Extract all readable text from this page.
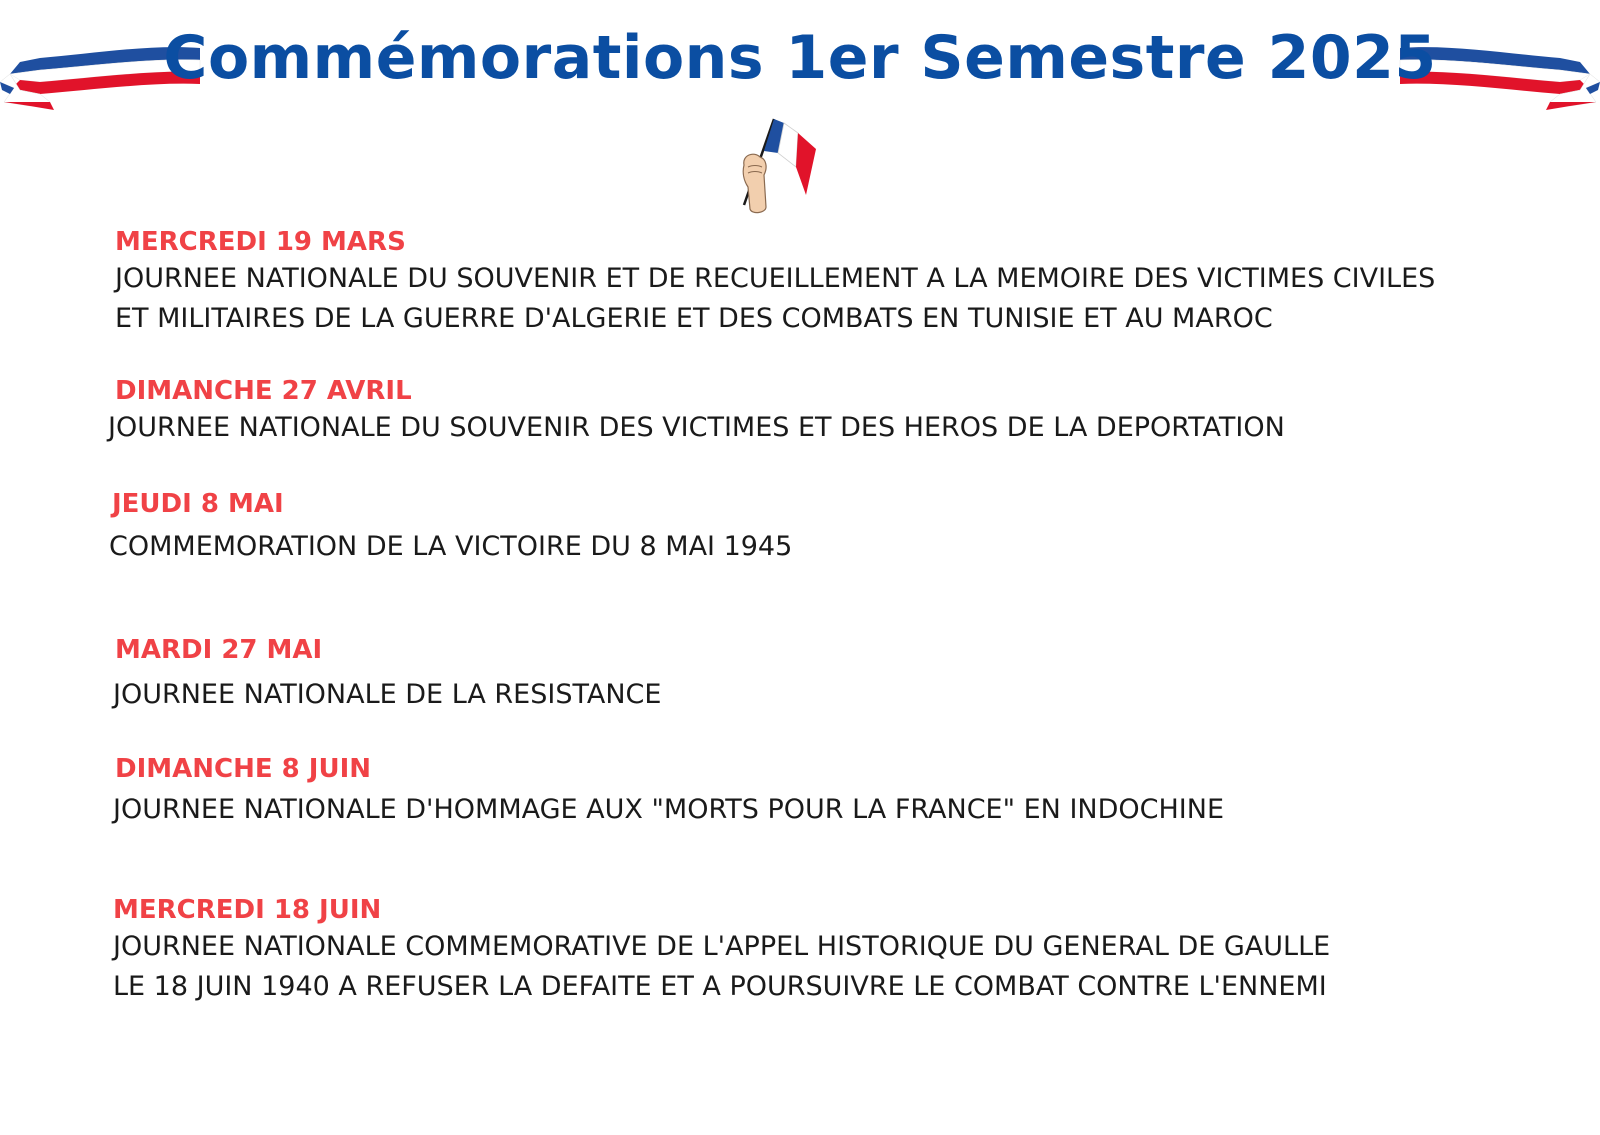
Commémorations 1er Semestre 2025

MERCREDI 19 MARS

JOURNEE NATIONALE DU SOUVENIR ET DE RECUEILLEMENT A LA MEMOIRE DES VICTIMES CIVILES
ET MILITAIRES DE LA GUERRE D'ALGERIE ET DES COMBATS EN TUNISIE ET AU MAROC

DIMANCHE 27 AVRIL

JOURNEE NATIONALE DU SOUVENIR DES VICTIMES ET DES HEROS DE LA DEPORTATION

JEUDI 8 MAI

COMMEMORATION DE LA VICTOIRE DU 8 MAI 1945

MARDI 27 MAI

JOURNEE NATIONALE DE LA RESISTANCE

DIMANCHE 8 JUIN

JOURNEE NATIONALE D'HOMMAGE AUX "MORTS POUR LA FRANCE" EN INDOCHINE

MERCREDI 18 JUIN

JOURNEE NATIONALE COMMEMORATIVE DE L'APPEL HISTORIQUE DU GENERAL DE GAULLE
LE 18 JUIN 1940 A REFUSER LA DEFAITE ET A POURSUIVRE LE COMBAT CONTRE L'ENNEMI
